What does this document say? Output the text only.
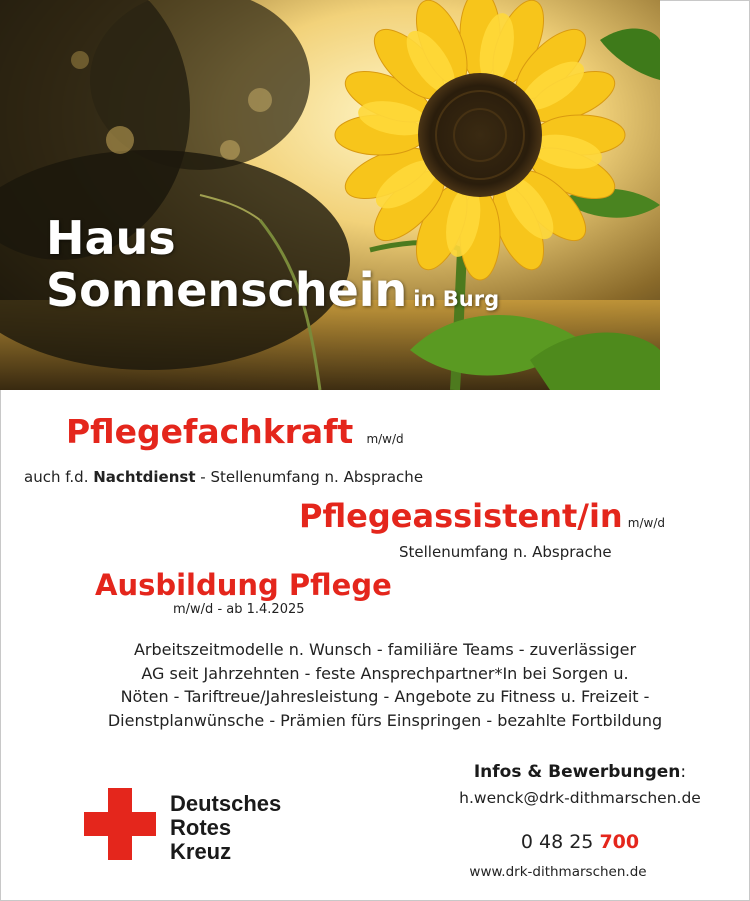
Haus
Sonnenschein in Burg
Pflegefachkraft m/w/d
auch f.d. Nachtdienst - Stellenumfang n. Absprache
Pflegeassistent/in m/w/d
Stellenumfang n. Absprache
Ausbildung Pflege
m/w/d - ab 1.4.2025
Arbeitszeitmodelle n. Wunsch - familiäre Teams - zuverlässiger
AG seit Jahrzehnten - feste Ansprechpartner*In bei Sorgen u.
Nöten - Tariftreue/Jahresleistung - Angebote zu Fitness u. Freizeit -
Dienstplanwünsche - Prämien fürs Einspringen - bezahlte Fortbildung
Deutsches
Rotes
Kreuz
Infos & Bewerbungen:
h.wenck@drk-dithmarschen.de
0 48 25 700
www.drk-dithmarschen.de
